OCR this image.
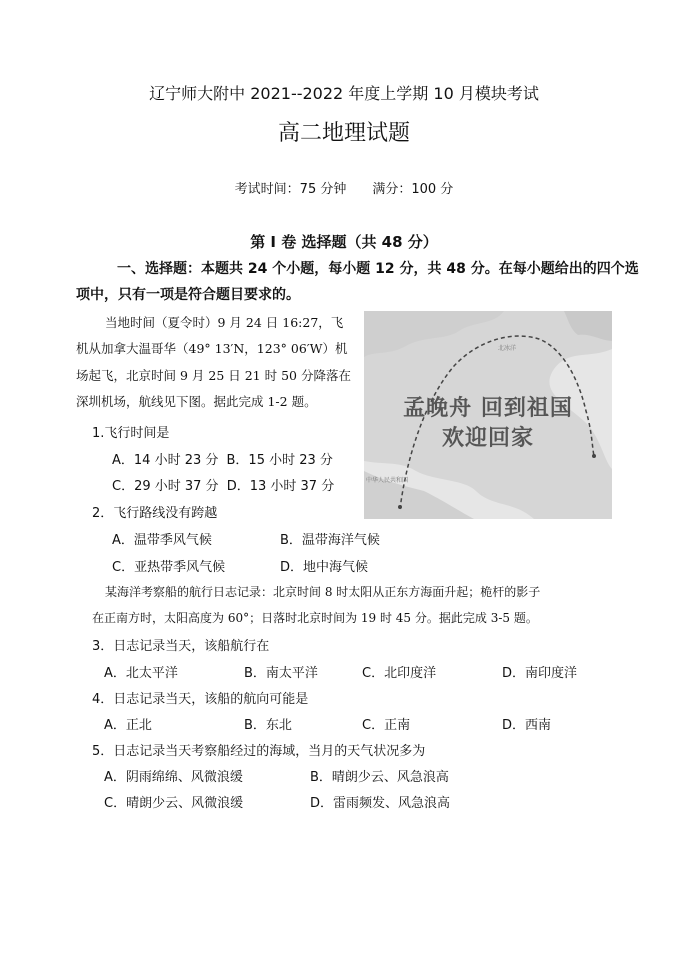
辽宁师大附中 2021--2022 年度上学期 10 月模块考试
高二地理试题
考试时间：75 分钟 满分：100 分
第 Ⅰ 卷 选择题（共 48 分）
一、选择题：本题共 24 个小题，每小题 12 分，共 48 分。在每小题给出的四个选
项中，只有一项是符合题目要求的。
当地时间（夏令时）9 月 24 日 16:27，飞
机从加拿大温哥华（49° 13′N，123° 06′W）机
场起飞，北京时间 9 月 25 日 21 时 50 分降落在
深圳机场，航线见下图。据此完成 1-2 题。
北冰洋
中华人民共和国
孟晚舟 回到祖国
欢迎回家
1.飞行时间是
A．14 小时 23 分 B．15 小时 23 分
C．29 小时 37 分 D．13 小时 37 分
2．飞行路线没有跨越
A．温带季风气候	B．温带海洋气候
C．亚热带季风气候	D．地中海气候
某海洋考察船的航行日志记录：北京时间 8 时太阳从正东方海面升起；桅杆的影子
在正南方时，太阳高度为 60°；日落时北京时间为 19 时 45 分。据此完成 3-5 题。
3．日志记录当天，该船航行在
A．北太平洋	B．南太平洋	C．北印度洋	D．南印度洋
4．日志记录当天，该船的航向可能是
A．正北	B．东北	C．正南	D．西南
5．日志记录当天考察船经过的海域，当月的天气状况多为
A．阴雨绵绵、风微浪缓	B．晴朗少云、风急浪高
C．晴朗少云、风微浪缓	D．雷雨频发、风急浪高
